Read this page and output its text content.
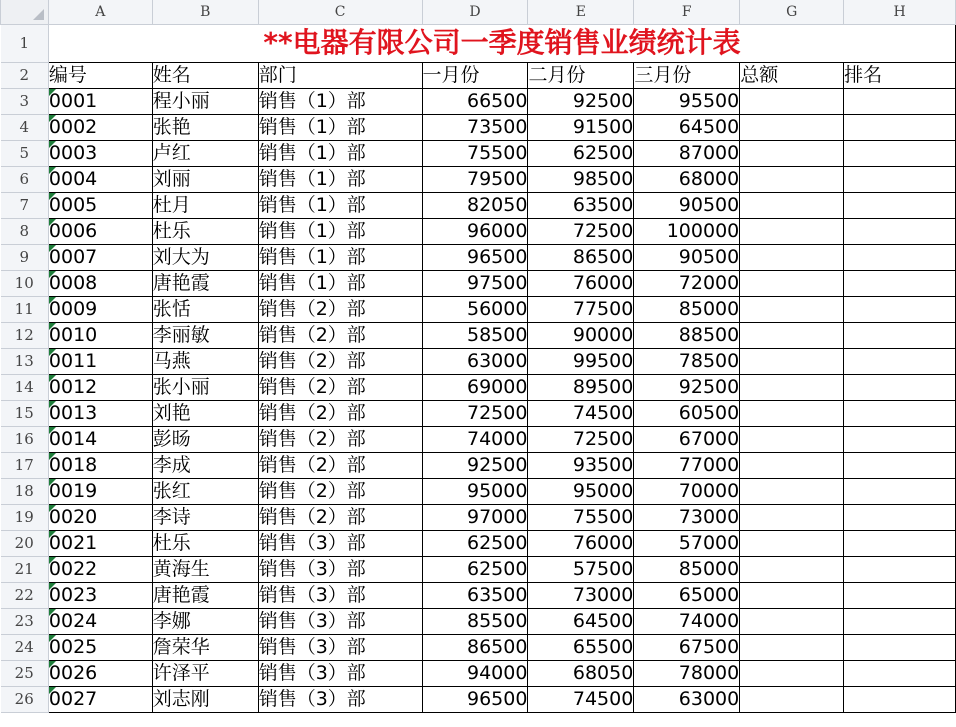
	A	B	C	D	E	F	G	H
1	**电器有限公司一季度销售业绩统计表							
2	编号	姓名	部门	一月份	二月份	三月份	总额	排名
3	0001	程小丽	销售（1）部	66500	92500	95500		
4	0002	张艳	销售（1）部	73500	91500	64500		
5	0003	卢红	销售（1）部	75500	62500	87000		
6	0004	刘丽	销售（1）部	79500	98500	68000		
7	0005	杜月	销售（1）部	82050	63500	90500		
8	0006	杜乐	销售（1）部	96000	72500	100000		
9	0007	刘大为	销售（1）部	96500	86500	90500		
10	0008	唐艳霞	销售（1）部	97500	76000	72000		
11	0009	张恬	销售（2）部	56000	77500	85000		
12	0010	李丽敏	销售（2）部	58500	90000	88500		
13	0011	马燕	销售（2）部	63000	99500	78500		
14	0012	张小丽	销售（2）部	69000	89500	92500		
15	0013	刘艳	销售（2）部	72500	74500	60500		
16	0014	彭旸	销售（2）部	74000	72500	67000		
17	0018	李成	销售（2）部	92500	93500	77000		
18	0019	张红	销售（2）部	95000	95000	70000		
19	0020	李诗	销售（2）部	97000	75500	73000		
20	0021	杜乐	销售（3）部	62500	76000	57000		
21	0022	黄海生	销售（3）部	62500	57500	85000		
22	0023	唐艳霞	销售（3）部	63500	73000	65000		
23	0024	李娜	销售（3）部	85500	64500	74000		
24	0025	詹荣华	销售（3）部	86500	65500	67500		
25	0026	许泽平	销售（3）部	94000	68050	78000		
26	0027	刘志刚	销售（3）部	96500	74500	63000		
